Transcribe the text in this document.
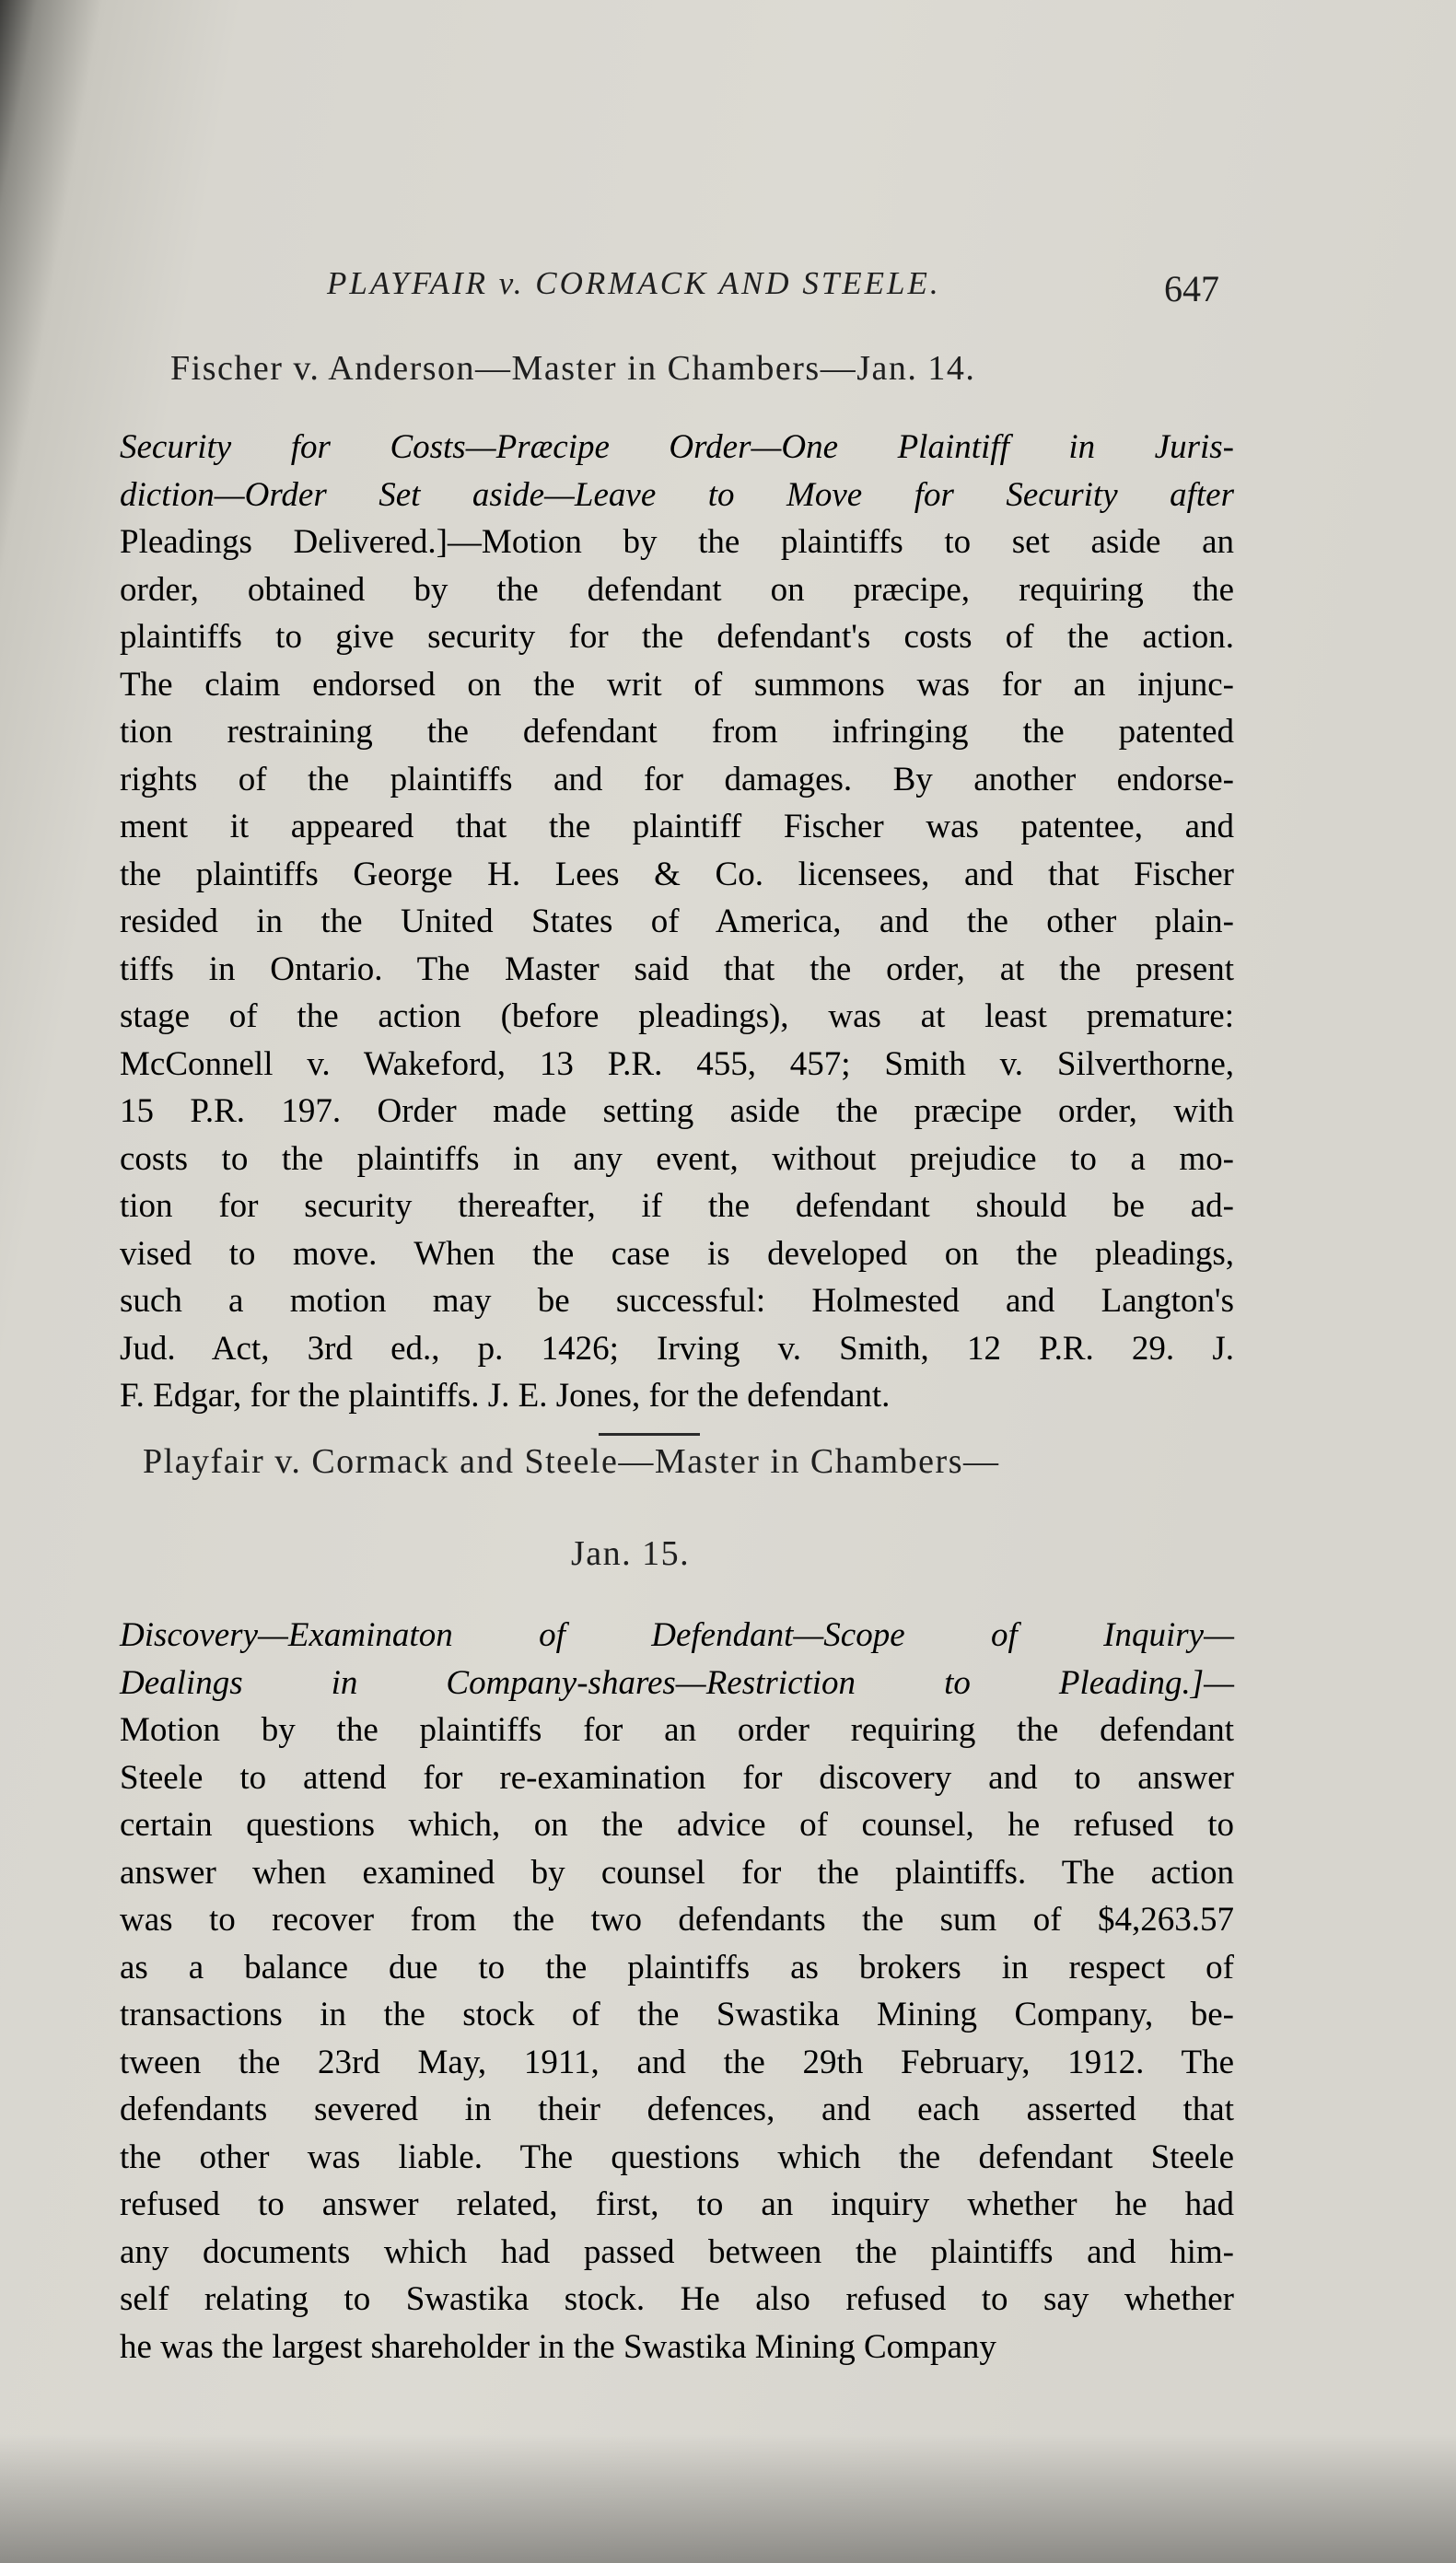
PLAYFAIR v. CORMACK AND STEELE.	647
Fischer v. Anderson—Master in Chambers—Jan. 14.
Security for Costs—Præcipe Order—One Plaintiff in Juris-
diction—Order Set aside—Leave to Move for Security after
Pleadings Delivered.]—Motion by the plaintiffs to set aside an
order, obtained by the defendant on præcipe, requiring the
plaintiffs to give security for the defendant's costs of the action.
The claim endorsed on the writ of summons was for an injunc-
tion restraining the defendant from infringing the patented
rights of the plaintiffs and for damages. By another endorse-
ment it appeared that the plaintiff Fischer was patentee, and
the plaintiffs George H. Lees & Co. licensees, and that Fischer
resided in the United States of America, and the other plain-
tiffs in Ontario. The Master said that the order, at the present
stage of the action (before pleadings), was at least premature:
McConnell v. Wakeford, 13 P.R. 455, 457; Smith v. Silverthorne,
15 P.R. 197. Order made setting aside the præcipe order, with
costs to the plaintiffs in any event, without prejudice to a mo-
tion for security thereafter, if the defendant should be ad-
vised to move. When the case is developed on the pleadings,
such a motion may be successful: Holmested and Langton's
Jud. Act, 3rd ed., p. 1426; Irving v. Smith, 12 P.R. 29. J.
F. Edgar, for the plaintiffs. J. E. Jones, for the defendant.
Playfair v. Cormack and Steele—Master in Chambers—
Jan. 15.
Discovery—Examinaton of Defendant—Scope of Inquiry—
Dealings in Company-shares—Restriction to Pleading.]—
Motion by the plaintiffs for an order requiring the defendant
Steele to attend for re-examination for discovery and to answer
certain questions which, on the advice of counsel, he refused to
answer when examined by counsel for the plaintiffs. The action
was to recover from the two defendants the sum of $4,263.57
as a balance due to the plaintiffs as brokers in respect of
transactions in the stock of the Swastika Mining Company, be-
tween the 23rd May, 1911, and the 29th February, 1912. The
defendants severed in their defences, and each asserted that
the other was liable. The questions which the defendant Steele
refused to answer related, first, to an inquiry whether he had
any documents which had passed between the plaintiffs and him-
self relating to Swastika stock. He also refused to say whether
he was the largest shareholder in the Swastika Mining Company
